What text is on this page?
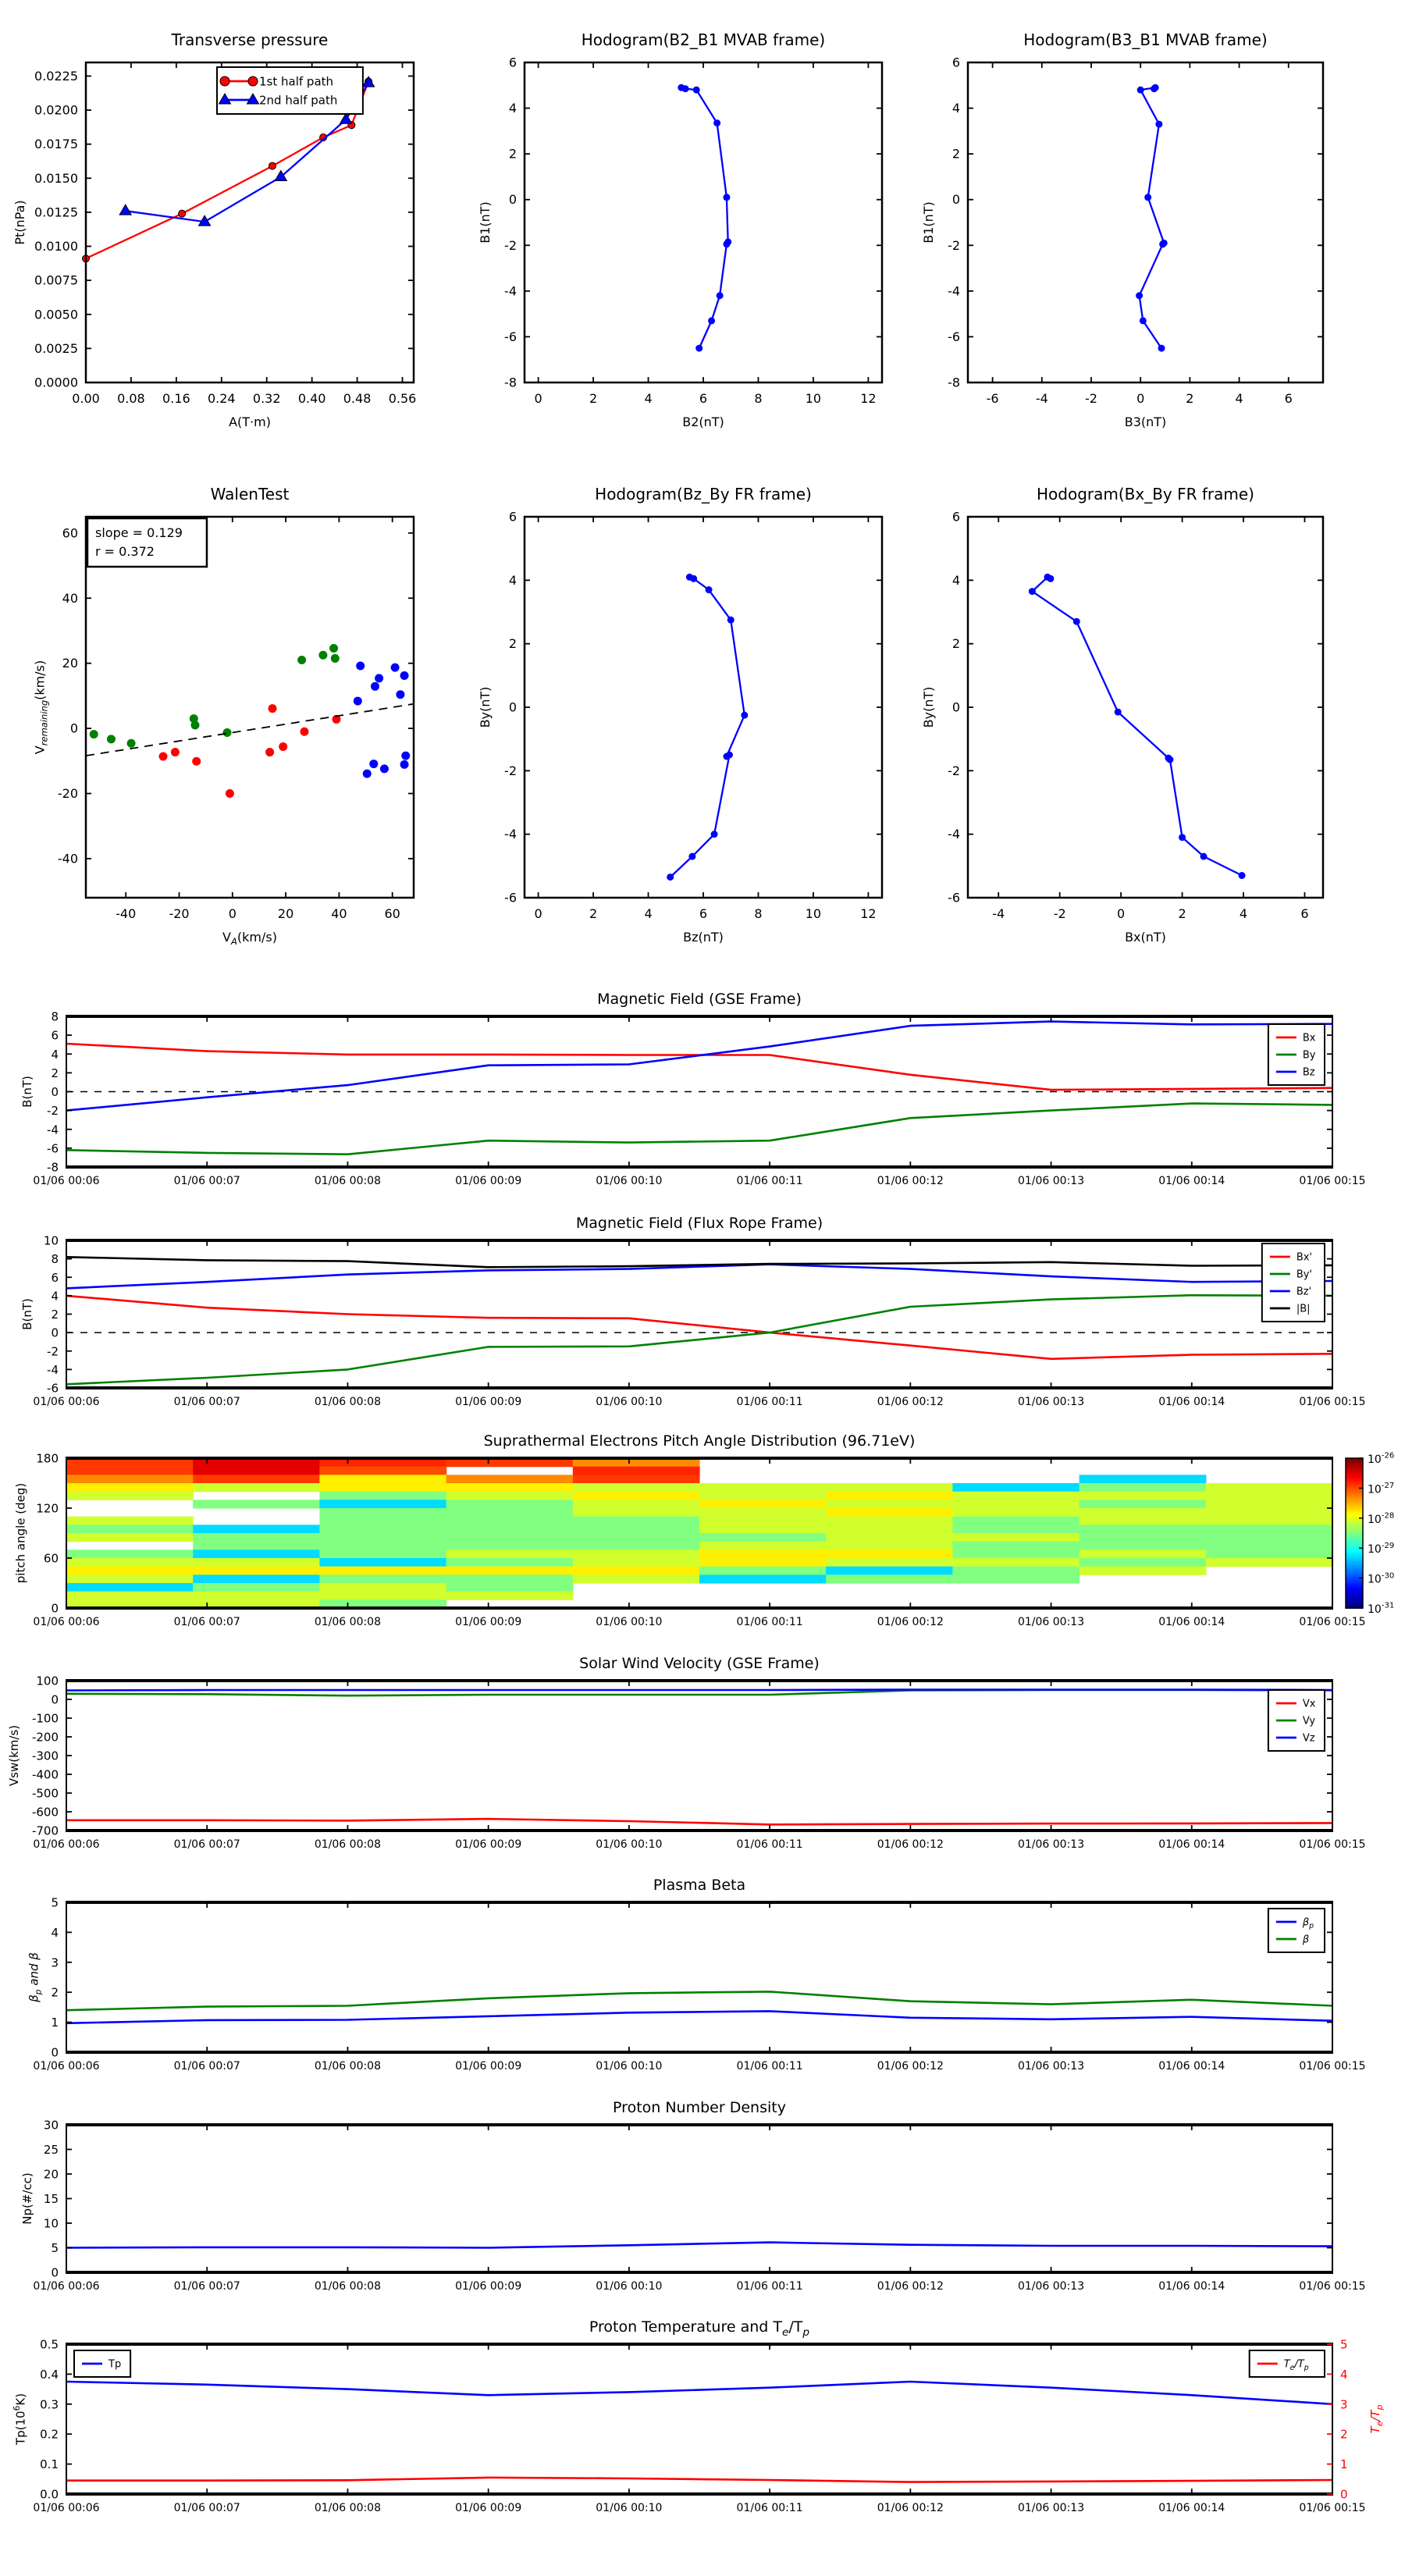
0.00 0.08 0.16 0.24 0.32 0.40 0.48 0.56
0.0000
0.0025
0.0050
0.0075
0.0100
0.0125
0.0150
0.0175
0.0200
0.0225
Transverse pressure
A(T·m)
Pt(nPa)
1st half path
2nd half path
0	2	4	6	8	10	12
-8
-6
-4
-2
0
2
4
6
Hodogram(B2_B1 MVAB frame)
B2(nT)
B1(nT)
-6	-4	-2	0	2	4	6
-8
-6
-4
-2
0
2
4
6
Hodogram(B3_B1 MVAB frame)
B3(nT)
B1(nT)
-40	-20	0	20	40	60
-40
-20
0
20
40
60
WalenTest
$V_A(km/s)$
$V_{remaining}(km/s)$
slope = 0.129
r = 0.372
0	2	4	6	8	10	12
-6
-4
-2
0
2
4
6
Hodogram(Bz_By FR frame)
Bz(nT)
By(nT)
-4	-2	0	2	4	6
-6
-4
-2
0
2
4
6
Hodogram(Bx_By FR frame)
Bx(nT)
By(nT)
01/06 00:06	01/06 00:07	01/06 00:08	01/06 00:09	01/06 00:10	01/06 00:11	01/06 00:12	01/06 00:13	01/06 00:14	01/06 00:15
-8
-6
-4
-2
0
2
4
6
8
Magnetic Field (GSE Frame)
B(nT)
Bx
By
Bz
01/06 00:06	01/06 00:07	01/06 00:08	01/06 00:09	01/06 00:10	01/06 00:11	01/06 00:12	01/06 00:13	01/06 00:14	01/06 00:15
-6
-4
-2
0
2
4
6
8
10
Magnetic Field (Flux Rope Frame)
B(nT)
Bx'
By'
Bz'
|B|
01/06 00:06	01/06 00:07	01/06 00:08	01/06 00:09	01/06 00:10	01/06 00:11	01/06 00:12	01/06 00:13	01/06 00:14	01/06 00:15
0
60
120
180
Suprathermal Electrons Pitch Angle Distribution (96.71eV)
pitch angle (deg)
$10^{-26}$
$10^{-27}$
$10^{-28}$
$10^{-29}$
$10^{-30}$
$10^{-31}$
01/06 00:06	01/06 00:07	01/06 00:08	01/06 00:09	01/06 00:10	01/06 00:11	01/06 00:12	01/06 00:13	01/06 00:14	01/06 00:15
-700
-600
-500
-400
-300
-200
-100
0
100
Solar Wind Velocity (GSE Frame)
Vsw(km/s)
Vx
Vy
Vz
01/06 00:06	01/06 00:07	01/06 00:08	01/06 00:09	01/06 00:10	01/06 00:11	01/06 00:12	01/06 00:13	01/06 00:14	01/06 00:15
0
1
2
3
4
5
Plasma Beta
$\beta_p$ and β
$\beta_p$
β
01/06 00:06	01/06 00:07	01/06 00:08	01/06 00:09	01/06 00:10	01/06 00:11	01/06 00:12	01/06 00:13	01/06 00:14	01/06 00:15
0
5
10
15
20
25
30
Proton Number Density
Np(#/cc)
01/06 00:06	01/06 00:07	01/06 00:08	01/06 00:09	01/06 00:10	01/06 00:11	01/06 00:12	01/06 00:13	01/06 00:14	01/06 00:15
0.0
0.1
0.2
0.3
0.4
0.5
0
1
2
3
4
5
$T_e/T_p$
Proton Temperature and $T_e/T_p$
$Tp(10^6K)$
Tp	$T_e/T_p$
